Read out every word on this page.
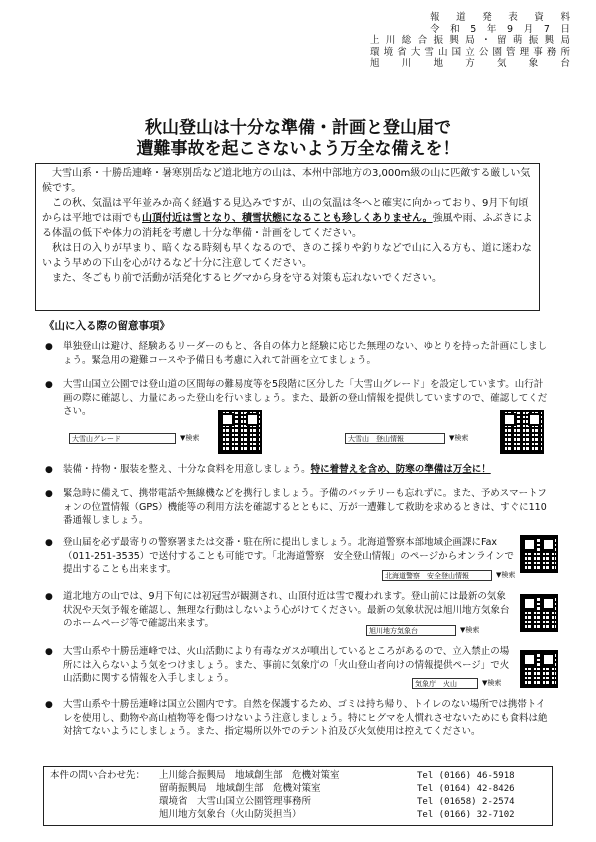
報道発表資料
令和5年9月7日
上川総合振興局・留萌振興局
環境省大雪山国立公園管理事務所
旭川地方気象台
秋山登山は十分な準備・計画と登山届で
遭難事故を起こさないよう万全な備えを！

大雪山系・十勝岳連峰・暑寒別岳など道北地方の山は、本州中部地方の3,000m級の山に匹敵する厳しい気候です。

この秋、気温は平年並みか高く経過する見込みですが、山の気温は冬へと確実に向かっており、9月下旬頃からは平地では雨でも山頂付近は雪となり、積雪状態になることも珍しくありません。強風や雨、ふぶきによる体温の低下や体力の消耗を考慮し十分な準備・計画をしてください。

秋は日の入りが早まり、暗くなる時刻も早くなるので、きのこ採りや釣りなどで山に入る方も、道に迷わないよう早めの下山を心がけるなど十分に注意してください。

また、冬ごもり前で活動が活発化するヒグマから身を守る対策も忘れないでください。

《山に入る際の留意事項》
● 単独登山は避け、経験あるリーダーのもと、各自の体力と経験に応じた無理のない、ゆとりを持った計画にしましょう。緊急用の避難コースや予備日も考慮に入れて計画を立てましょう。
● 大雪山国立公園では登山道の区間毎の難易度等を5段階に区分した「大雪山グレード」を設定しています。山行計画の際に確認し、力量にあった登山を行いましょう。また、最新の登山情報を提供していますので、確認してください。
大雪山グレード	▼検索	大雪山　登山情報	▼検索
● 装備・持物・服装を整え、十分な食料を用意しましょう。特に着替えを含め、防寒の準備は万全に！
● 緊急時に備えて、携帯電話や無線機などを携行しましょう。予備のバッテリーも忘れずに。また、予めスマートフォンの位置情報（GPS）機能等の利用方法を確認するとともに、万が一遭難して救助を求めるときは、すぐに110番通報しましょう。
● 登山届を必ず最寄りの警察署または交番・駐在所に提出しましょう。北海道警察本部地域企画課にFax（011-251-3535）で送付することも可能です。「北海道警察　安全登山情報」のページからオンラインで提出することも出来ます。
北海道警察　安全登山情報	▼検索
● 道北地方の山では、9月下旬には初冠雪が観測され、山頂付近は雪で覆われます。登山前には最新の気象状況や天気予報を確認し、無理な行動はしないよう心がけてください。最新の気象状況は旭川地方気象台のホームページ等で確認出来ます。
旭川地方気象台	▼検索
● 大雪山系や十勝岳連峰では、火山活動により有毒なガスが噴出しているところがあるので、立入禁止の場所には入らないよう気をつけましょう。また、事前に気象庁の「火山登山者向けの情報提供ページ」で火山活動に関する情報を入手しましょう。	気象庁　火山	▼検索
● 大雪山系や十勝岳連峰は国立公園内です。自然を保護するため、ゴミは持ち帰り、トイレのない場所では携帯トイレを使用し、動物や高山植物等を傷つけないよう注意しましょう。特にヒグマを人慣れさせないためにも食料は絶対捨てないようにしましょう。また、指定場所以外でのテント泊及び火気使用は控えてください。
本件の問い合わせ先： 上川総合振興局　地域創生部　危機対策室	Tel (0166) 46-5918
留萌振興局　地域創生部　危機対策室	Tel (0164) 42-8426
環境省　大雪山国立公園管理事務所	Tel (01658) 2-2574
旭川地方気象台（火山防災担当）	Tel (0166) 32-7102
